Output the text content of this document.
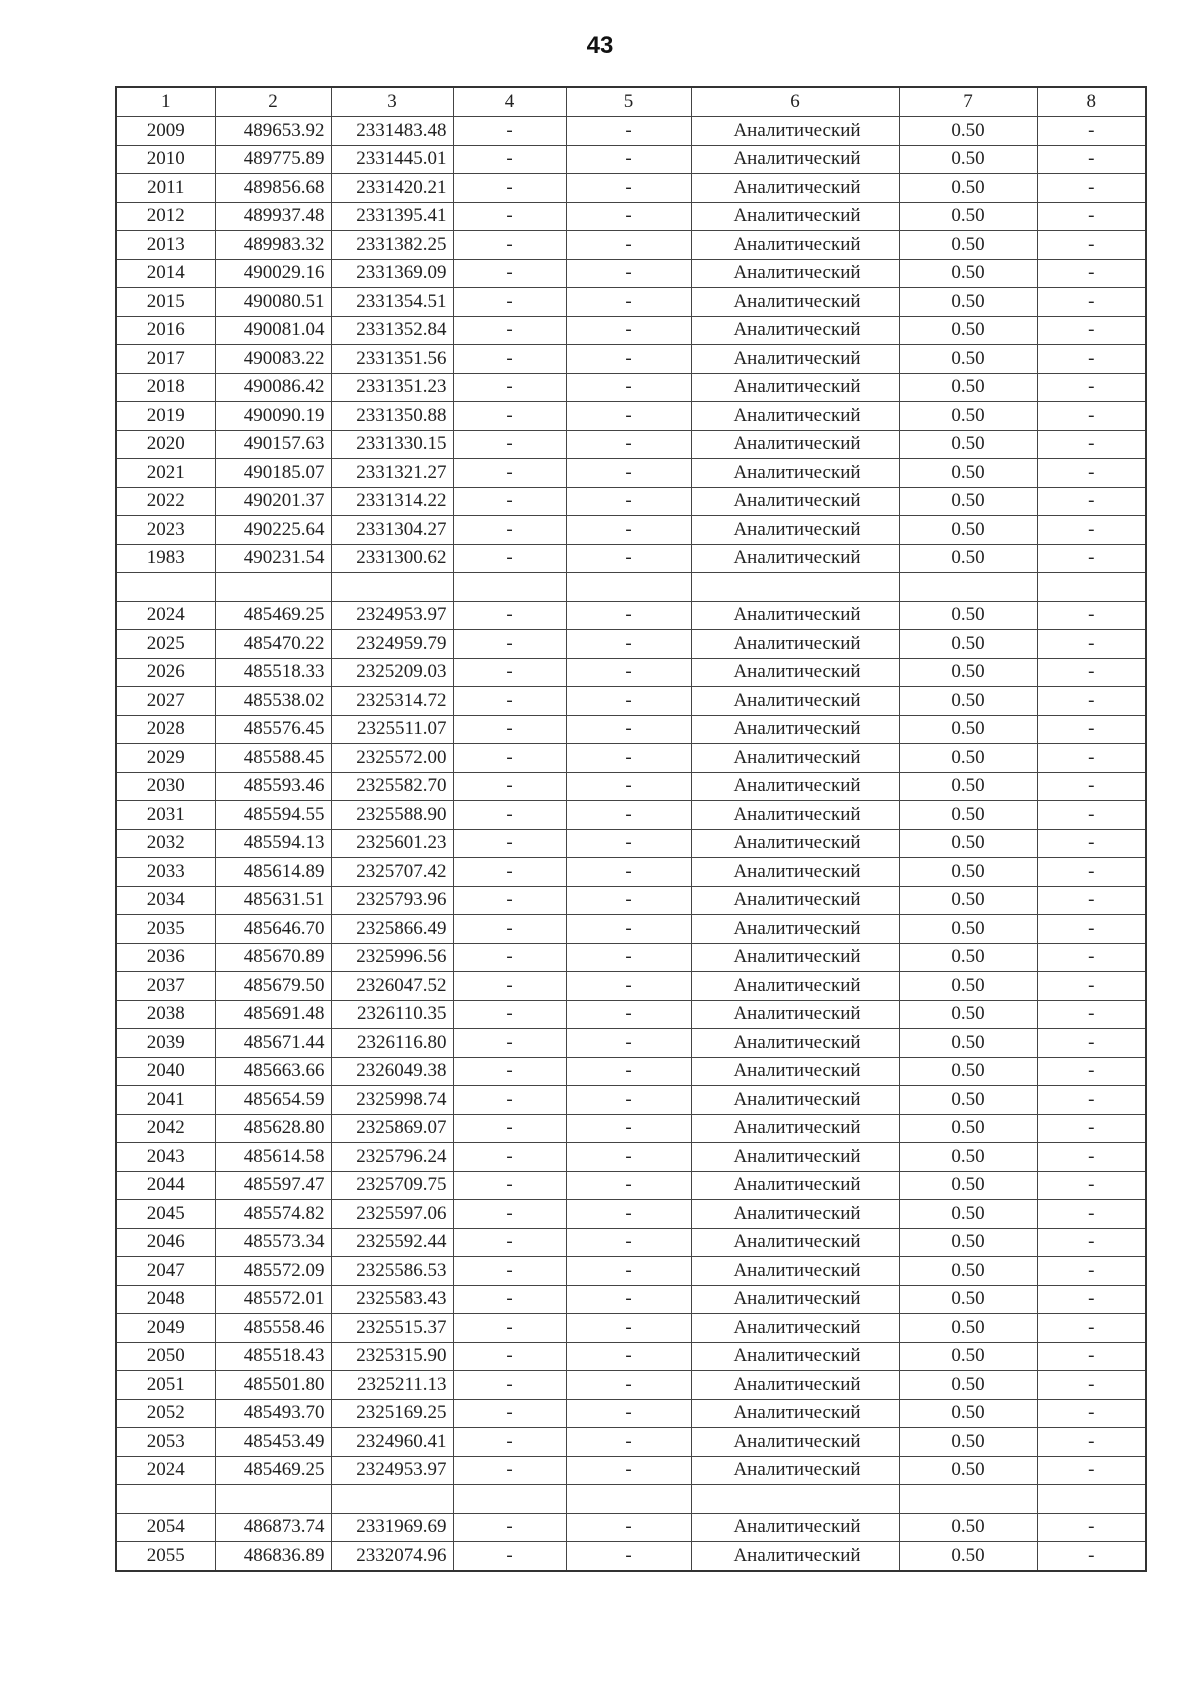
43
1	2	3	4	5	6	7	8
2009	489653.92	2331483.48	-	-	Аналитический	0.50	-
2010	489775.89	2331445.01	-	-	Аналитический	0.50	-
2011	489856.68	2331420.21	-	-	Аналитический	0.50	-
2012	489937.48	2331395.41	-	-	Аналитический	0.50	-
2013	489983.32	2331382.25	-	-	Аналитический	0.50	-
2014	490029.16	2331369.09	-	-	Аналитический	0.50	-
2015	490080.51	2331354.51	-	-	Аналитический	0.50	-
2016	490081.04	2331352.84	-	-	Аналитический	0.50	-
2017	490083.22	2331351.56	-	-	Аналитический	0.50	-
2018	490086.42	2331351.23	-	-	Аналитический	0.50	-
2019	490090.19	2331350.88	-	-	Аналитический	0.50	-
2020	490157.63	2331330.15	-	-	Аналитический	0.50	-
2021	490185.07	2331321.27	-	-	Аналитический	0.50	-
2022	490201.37	2331314.22	-	-	Аналитический	0.50	-
2023	490225.64	2331304.27	-	-	Аналитический	0.50	-
1983	490231.54	2331300.62	-	-	Аналитический	0.50	-

2024	485469.25	2324953.97	-	-	Аналитический	0.50	-
2025	485470.22	2324959.79	-	-	Аналитический	0.50	-
2026	485518.33	2325209.03	-	-	Аналитический	0.50	-
2027	485538.02	2325314.72	-	-	Аналитический	0.50	-
2028	485576.45	2325511.07	-	-	Аналитический	0.50	-
2029	485588.45	2325572.00	-	-	Аналитический	0.50	-
2030	485593.46	2325582.70	-	-	Аналитический	0.50	-
2031	485594.55	2325588.90	-	-	Аналитический	0.50	-
2032	485594.13	2325601.23	-	-	Аналитический	0.50	-
2033	485614.89	2325707.42	-	-	Аналитический	0.50	-
2034	485631.51	2325793.96	-	-	Аналитический	0.50	-
2035	485646.70	2325866.49	-	-	Аналитический	0.50	-
2036	485670.89	2325996.56	-	-	Аналитический	0.50	-
2037	485679.50	2326047.52	-	-	Аналитический	0.50	-
2038	485691.48	2326110.35	-	-	Аналитический	0.50	-
2039	485671.44	2326116.80	-	-	Аналитический	0.50	-
2040	485663.66	2326049.38	-	-	Аналитический	0.50	-
2041	485654.59	2325998.74	-	-	Аналитический	0.50	-
2042	485628.80	2325869.07	-	-	Аналитический	0.50	-
2043	485614.58	2325796.24	-	-	Аналитический	0.50	-
2044	485597.47	2325709.75	-	-	Аналитический	0.50	-
2045	485574.82	2325597.06	-	-	Аналитический	0.50	-
2046	485573.34	2325592.44	-	-	Аналитический	0.50	-
2047	485572.09	2325586.53	-	-	Аналитический	0.50	-
2048	485572.01	2325583.43	-	-	Аналитический	0.50	-
2049	485558.46	2325515.37	-	-	Аналитический	0.50	-
2050	485518.43	2325315.90	-	-	Аналитический	0.50	-
2051	485501.80	2325211.13	-	-	Аналитический	0.50	-
2052	485493.70	2325169.25	-	-	Аналитический	0.50	-
2053	485453.49	2324960.41	-	-	Аналитический	0.50	-
2024	485469.25	2324953.97	-	-	Аналитический	0.50	-

2054	486873.74	2331969.69	-	-	Аналитический	0.50	-
2055	486836.89	2332074.96	-	-	Аналитический	0.50	-
